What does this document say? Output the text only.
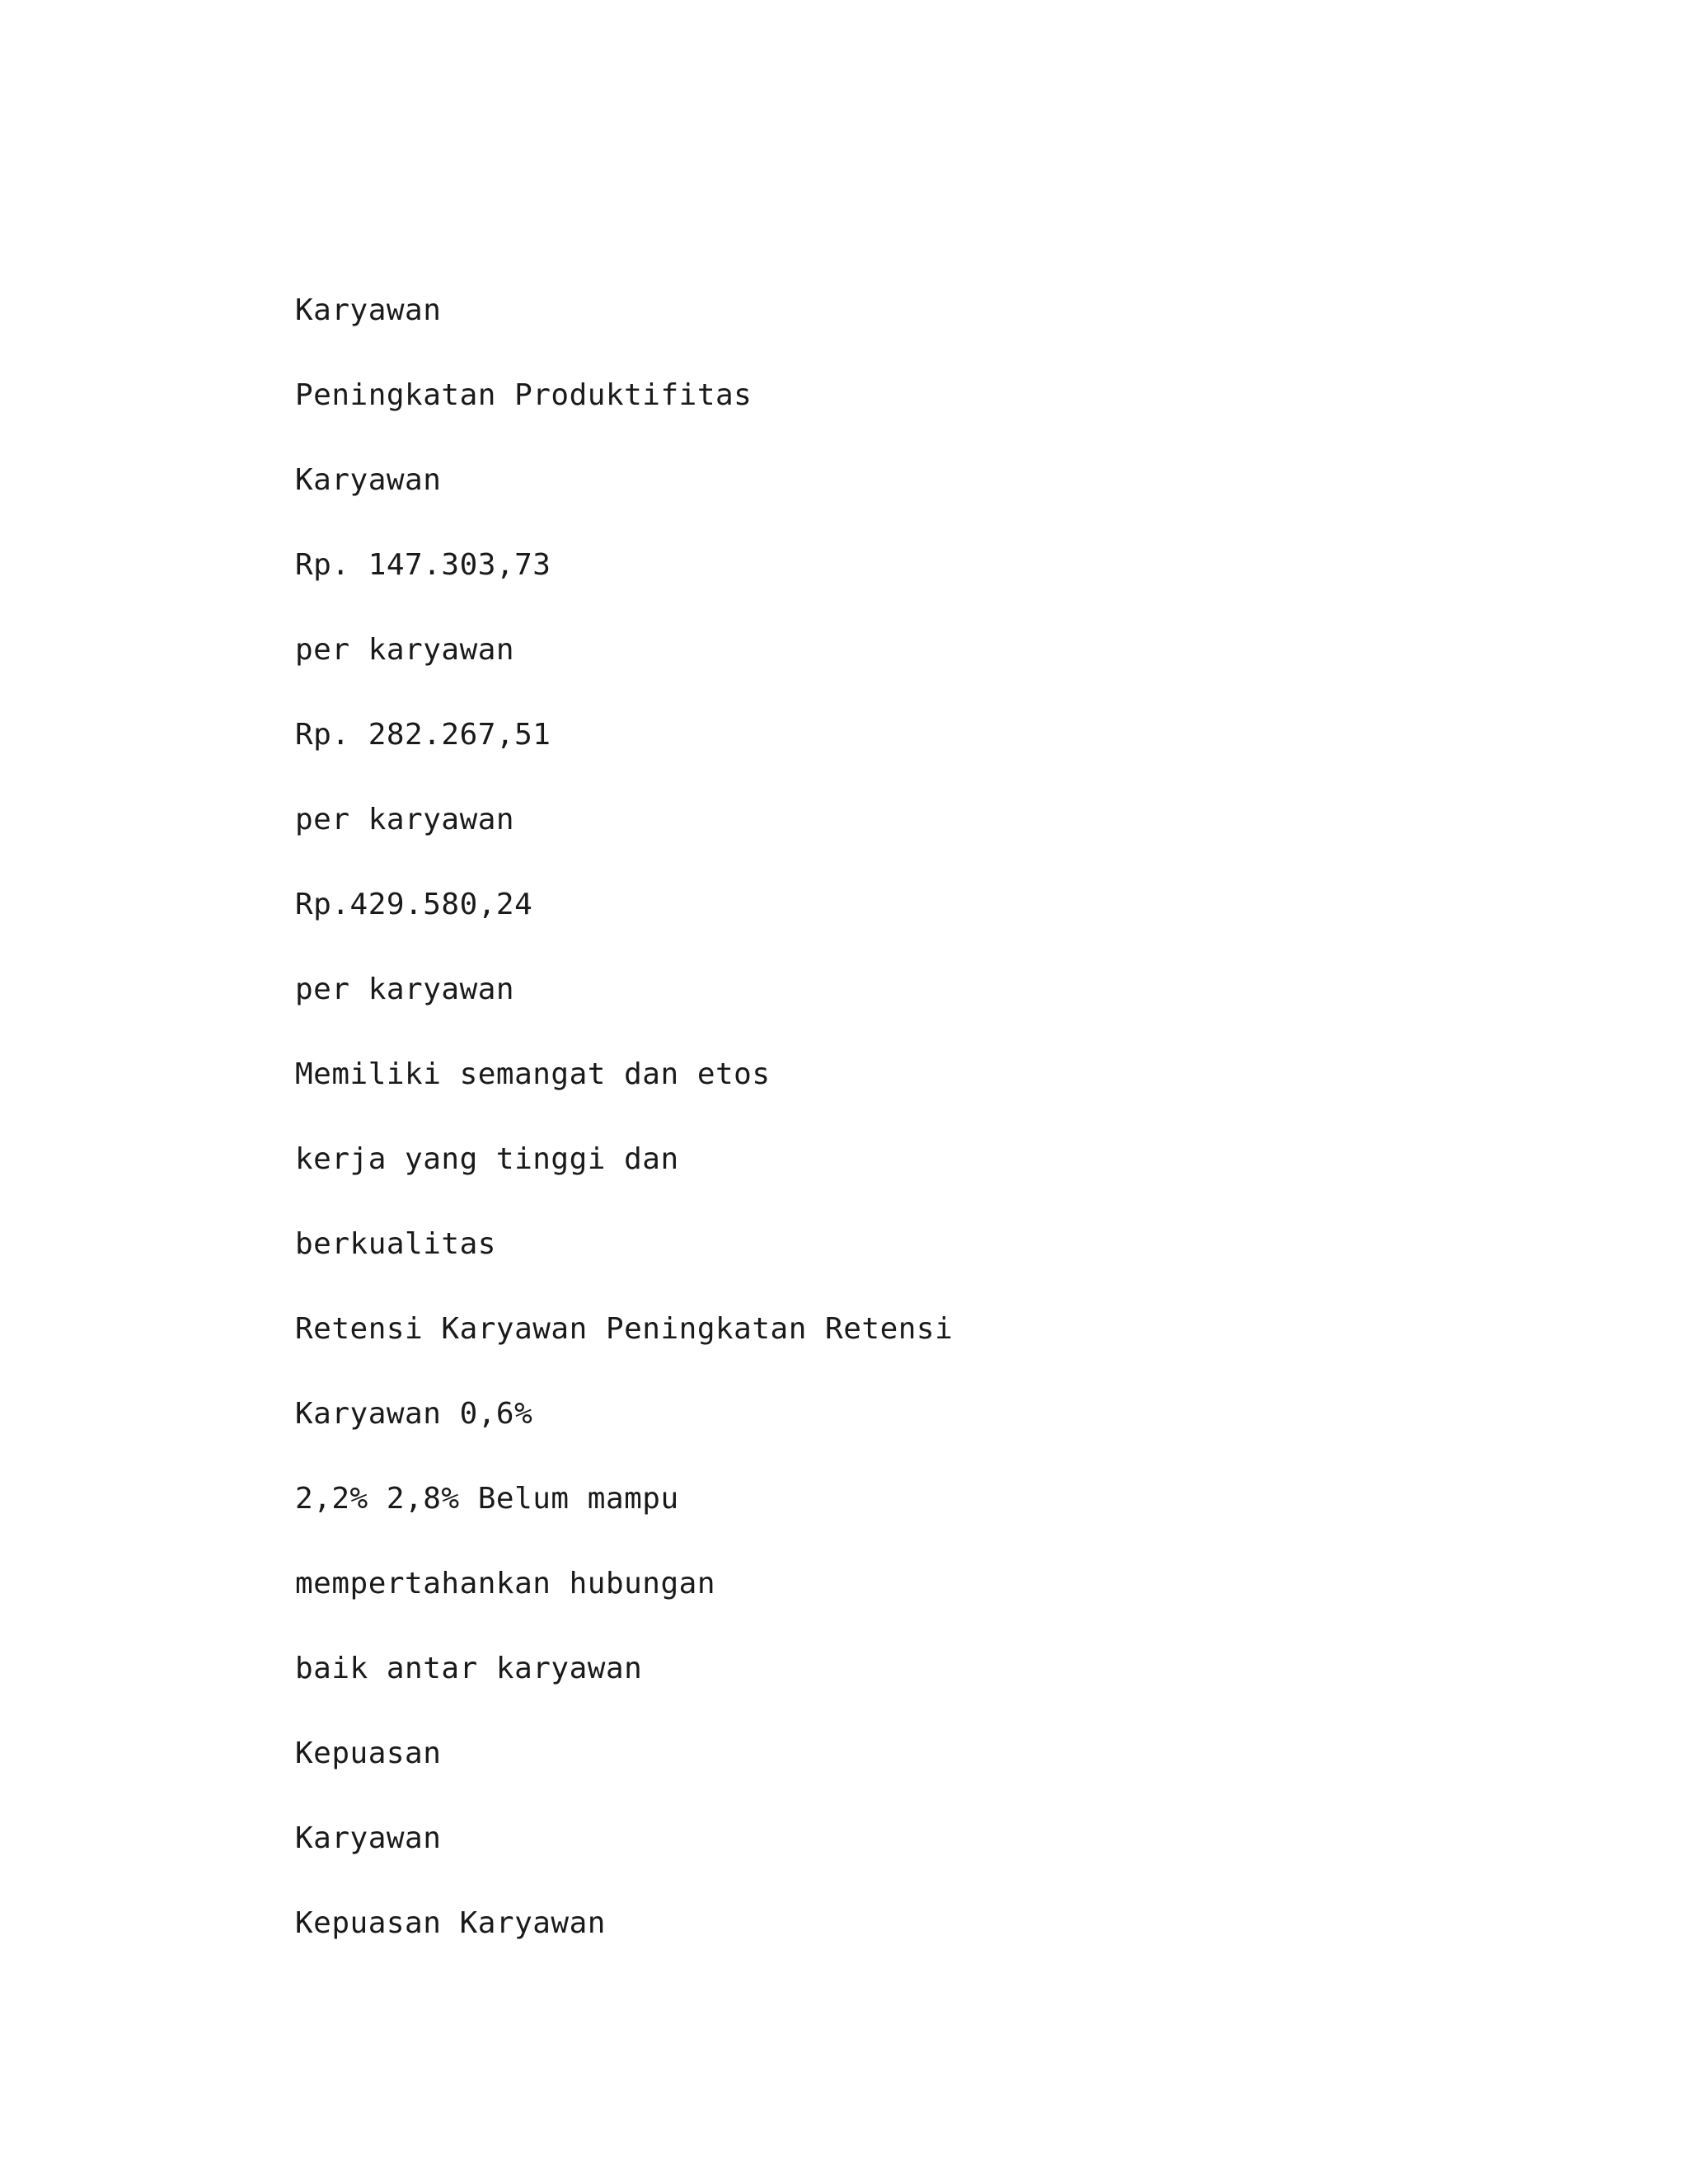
Karyawan
Peningkatan Produktifitas
Karyawan
Rp. 147.303,73
per karyawan
Rp. 282.267,51
per karyawan
Rp.429.580,24
per karyawan
Memiliki semangat dan etos
kerja yang tinggi dan
berkualitas
Retensi Karyawan Peningkatan Retensi
Karyawan 0,6%
2,2% 2,8% Belum mampu
mempertahankan hubungan
baik antar karyawan
Kepuasan
Karyawan
Kepuasan Karyawan
